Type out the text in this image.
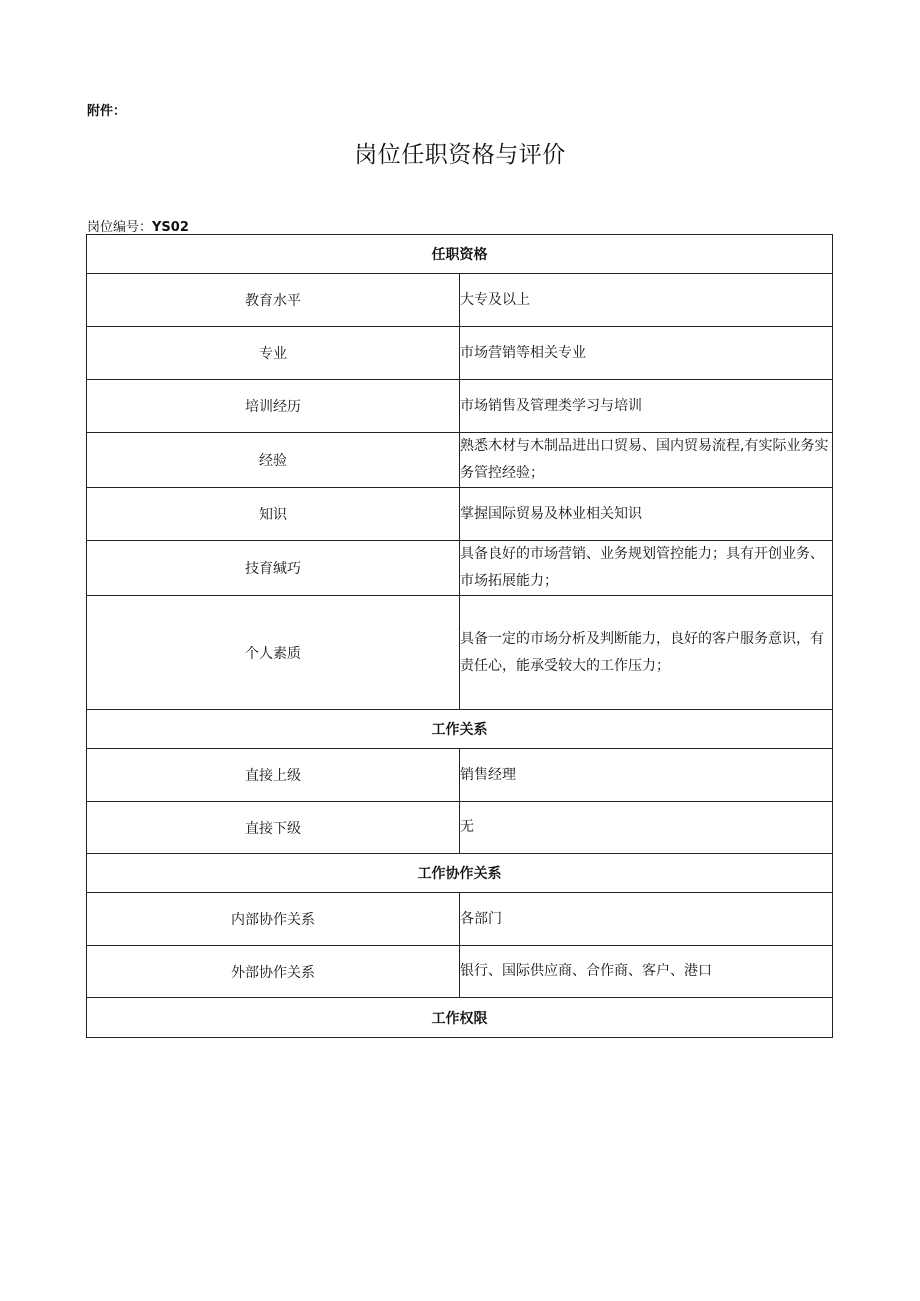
附件：
岗位任职资格与评价
岗位编号：YS02
任职资格	
教育水平	大专及以上
专业	市场营销等相关专业
培训经历	市场销售及管理类学习与培训
经验	熟悉木材与木制品进出口贸易、国内贸易流程,有实际业务实务管控经验；
知识	掌握国际贸易及林业相关知识
技育缄巧	具备良好的市场营销、业务规划管控能力；具有开创业务、市场拓展能力；
个人素质	具备一定的市场分析及判断能力，良好的客户服务意识，有责任心，能承受较大的工作压力；
工作关系	
直接上级	销售经理
直接下级	无
工作协作关系	
内部协作关系	各部门
外部协作关系	银行、国际供应商、合作商、客户、港口
工作权限	
